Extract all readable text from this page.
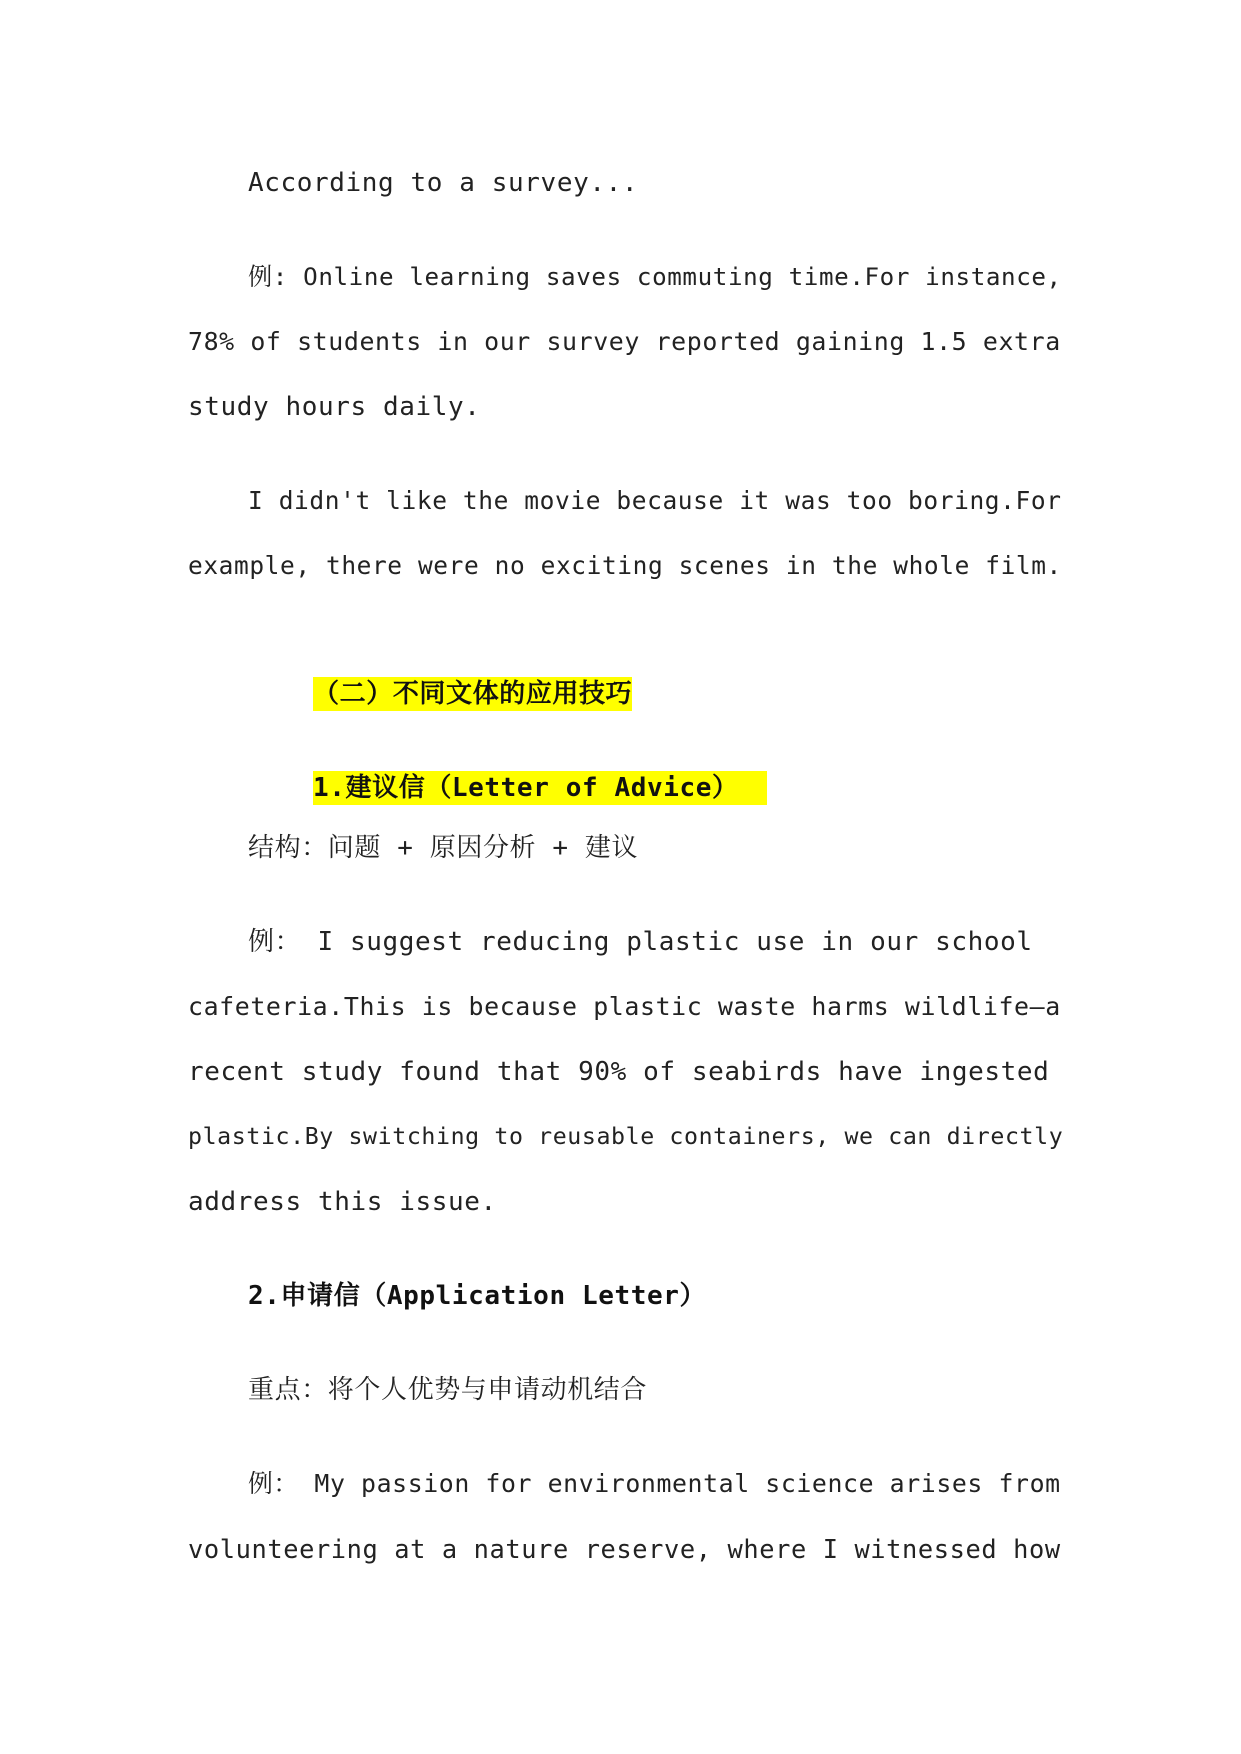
According to a survey...
例: Online learning saves commuting time.For instance,
78% of students in our survey reported gaining 1.5 extra
study hours daily.
I didn't like the movie because it was too boring.For
example, there were no exciting scenes in the whole film.

（二）不同文体的应用技巧

1.建议信（Letter of Advice）

结构：问题 + 原因分析 + 建议
例： I suggest reducing plastic use in our school
cafeteria.This is because plastic waste harms wildlife—a
recent study found that 90% of seabirds have ingested
plastic.By switching to reusable containers, we can directly
address this issue.
2.申请信（Application Letter）
重点：将个人优势与申请动机结合
例： My passion for environmental science arises from
volunteering at a nature reserve, where I witnessed how
